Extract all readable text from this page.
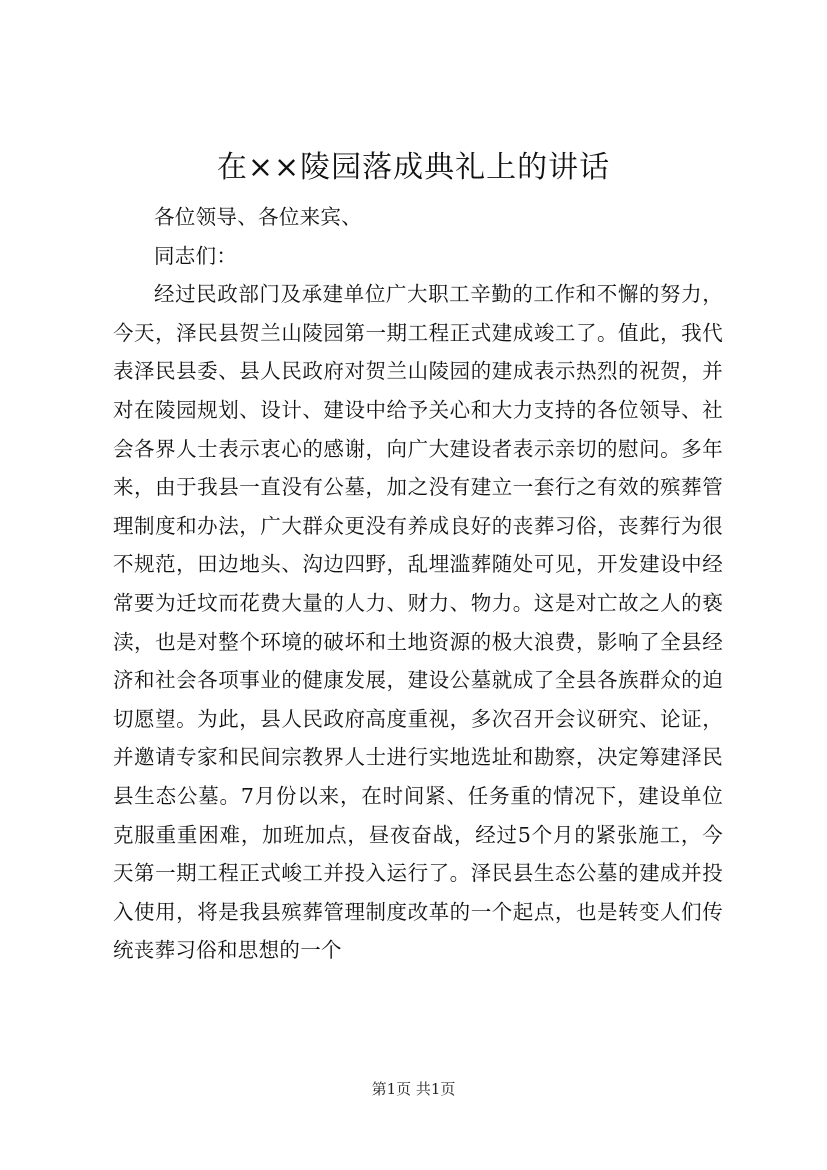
在××陵园落成典礼上的讲话

各位领导、各位来宾、

同志们：

经过民政部门及承建单位广大职工辛勤的工作和不懈的努力，今天，泽民县贺兰山陵园第一期工程正式建成竣工了。值此，我代表泽民县委、县人民政府对贺兰山陵园的建成表示热烈的祝贺，并对在陵园规划、设计、建设中给予关心和大力支持的各位领导、社会各界人士表示衷心的感谢，向广大建设者表示亲切的慰问。多年来，由于我县一直没有公墓，加之没有建立一套行之有效的殡葬管理制度和办法，广大群众更没有养成良好的丧葬习俗，丧葬行为很不规范，田边地头、沟边四野，乱埋滥葬随处可见，开发建设中经常要为迁坟而花费大量的人力、财力、物力。这是对亡故之人的亵渎，也是对整个环境的破坏和土地资源的极大浪费，影响了全县经济和社会各项事业的健康发展，建设公墓就成了全县各族群众的迫切愿望。为此，县人民政府高度重视，多次召开会议研究、论证，并邀请专家和民间宗教界人士进行实地选址和勘察，决定筹建泽民县生态公墓。7月份以来，在时间紧、任务重的情况下，建设单位克服重重困难，加班加点，昼夜奋战，经过5个月的紧张施工，今天第一期工程正式峻工并投入运行了。泽民县生态公墓的建成并投入使用，将是我县殡葬管理制度改革的一个起点，也是转变人们传统丧葬习俗和思想的一个

第1页 共1页
